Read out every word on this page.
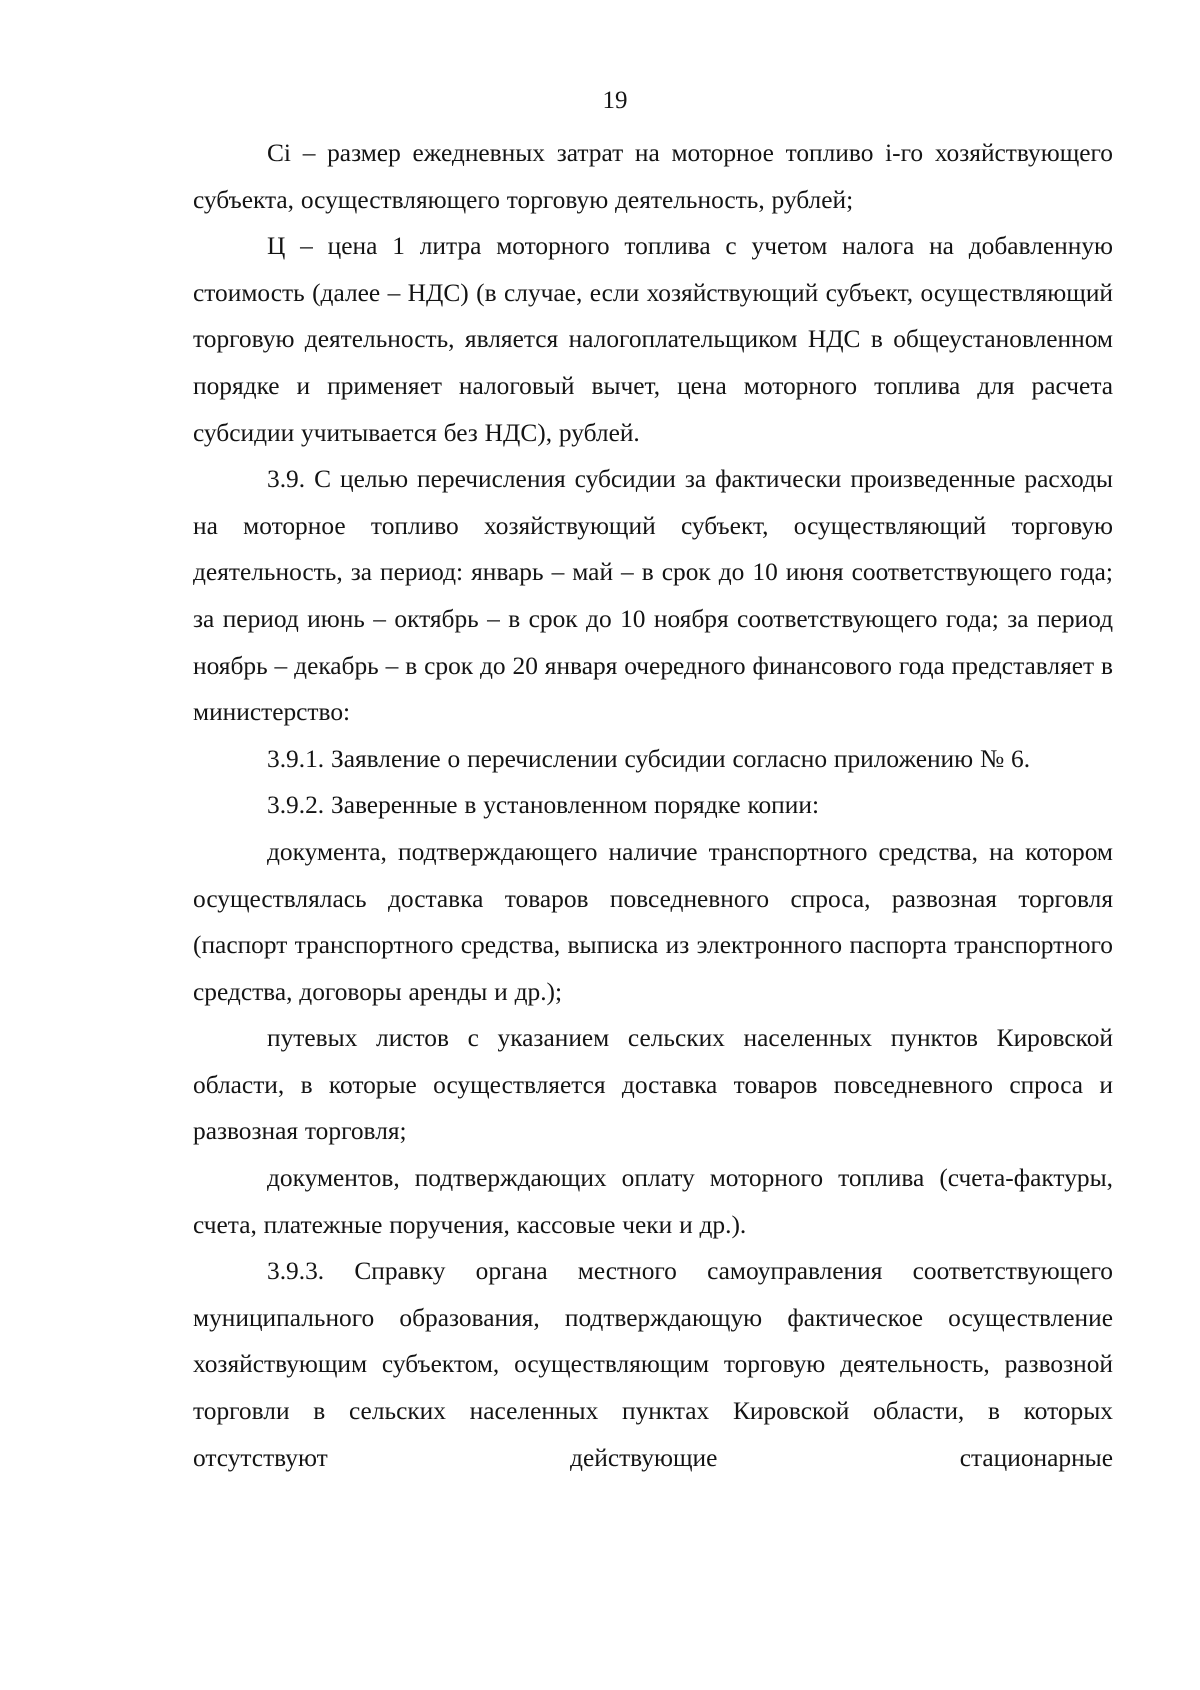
19

Ci – размер ежедневных затрат на моторное топливо i-го хозяйствующего субъекта, осуществляющего торговую деятельность, рублей;

Ц – цена 1 литра моторного топлива с учетом налога на добавленную стоимость (далее – НДС) (в случае, если хозяйствующий субъект, осуществляющий торговую деятельность, является налогоплательщиком НДС в общеустановленном порядке и применяет налоговый вычет, цена моторного топлива для расчета субсидии учитывается без НДС), рублей.

3.9. С целью перечисления субсидии за фактически произведенные расходы на моторное топливо хозяйствующий субъект, осуществляющий торговую деятельность, за период: январь – май – в срок до 10 июня соответствующего года; за период июнь – октябрь – в срок до 10 ноября соответствующего года; за период ноябрь – декабрь – в срок до 20 января очередного финансового года представляет в министерство:

3.9.1. Заявление о перечислении субсидии согласно приложению № 6.

3.9.2. Заверенные в установленном порядке копии:

документа, подтверждающего наличие транспортного средства, на котором осуществлялась доставка товаров повседневного спроса, развозная торговля (паспорт транспортного средства, выписка из электронного паспорта транспортного средства, договоры аренды и др.);

путевых листов с указанием сельских населенных пунктов Кировской области, в которые осуществляется доставка товаров повседневного спроса и развозная торговля;

документов, подтверждающих оплату моторного топлива (счета-фактуры, счета, платежные поручения, кассовые чеки и др.).

3.9.3. Справку органа местного самоуправления соответствующего муниципального образования, подтверждающую фактическое осуществление хозяйствующим субъектом, осуществляющим торговую деятельность, развозной торговли в сельских населенных пунктах Кировской области, в которых отсутствуют действующие стационарные
